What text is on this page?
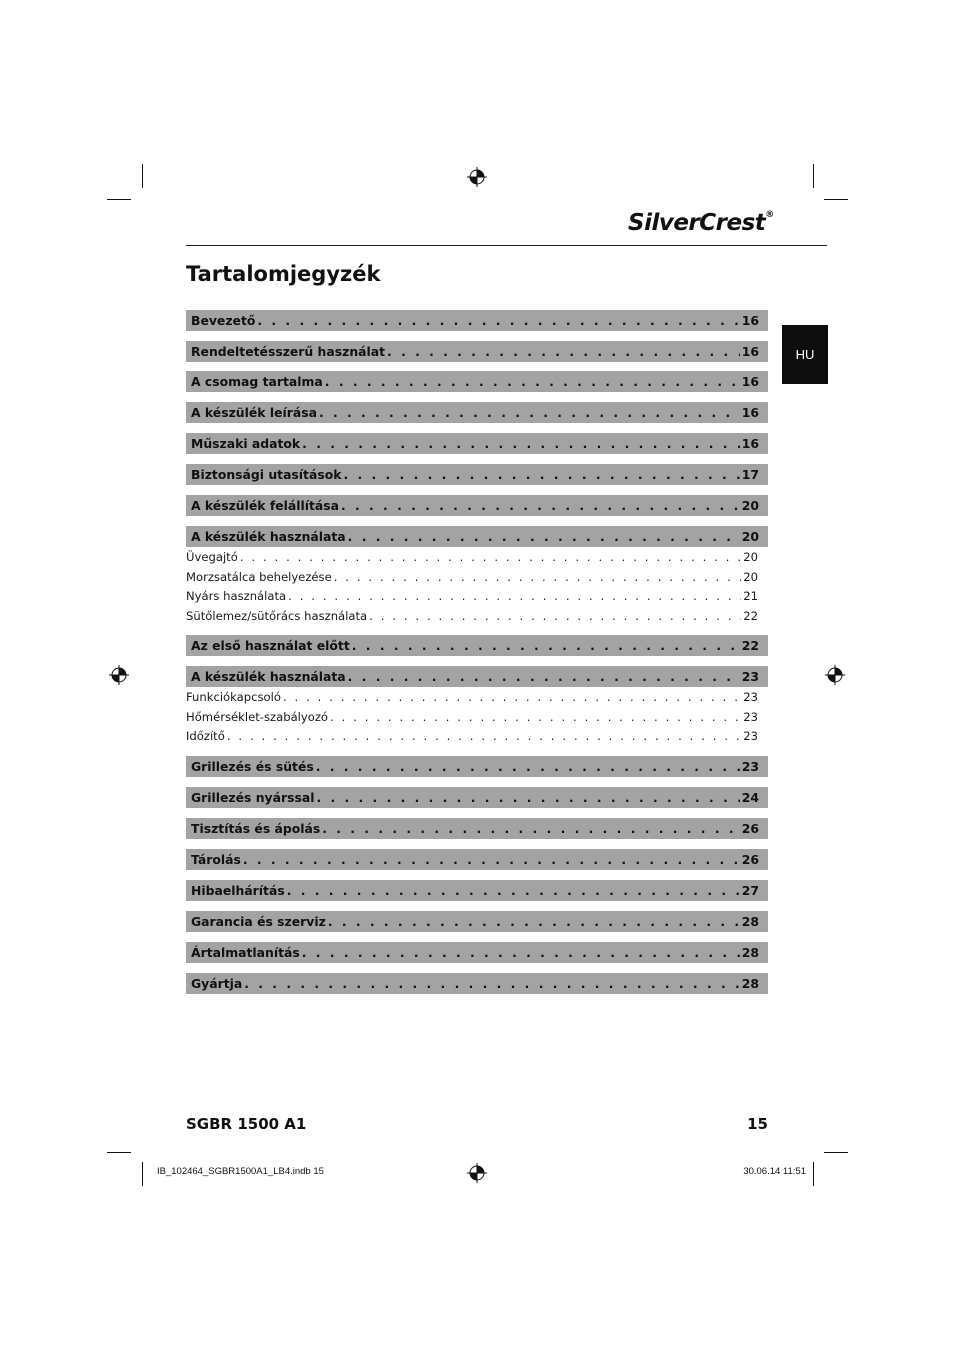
SilverCrest®
Tartalomjegyzék
HU
Bevezető . . .	16
Rendeltetésszerű használat . . .	16
A csomag tartalma . . .	16
A készülék leírása . . .	16
Műszaki adatok . . .	16
Biztonsági utasítások . . .	17
A készülék felállítása . . .	20
A készülék használata . . .	20
Üvegajtó . . .	20
Morzsatálca behelyezése . . .	20
Nyárs használata . . .	21
Sütőlemez/sütőrács használata . . .	22
Az első használat előtt . . .	22
A készülék használata . . .	23
Funkciókapcsoló . . .	23
Hőmérséklet-szabályozó . . .	23
Időzítő . . .	23
Grillezés és sütés . . .	23
Grillezés nyárssal . . .	24
Tisztítás és ápolás . . .	26
Tárolás . . .	26
Hibaelhárítás . . .	27
Garancia és szerviz . . .	28
Ártalmatlanítás . . .	28
Gyártja . . .	28
SGBR 1500 A1	15
IB_102464_SGBR1500A1_LB4.indb 15	30.06.14 11:51
